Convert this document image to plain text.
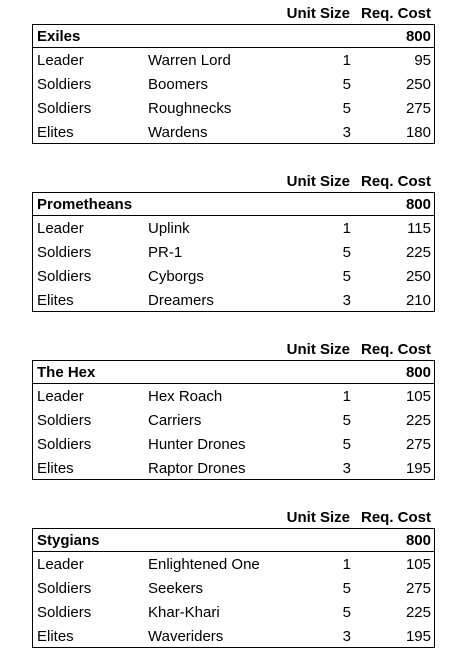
Unit Size Req. Cost
Exiles	800
Leader	Warren Lord	1	95
Soldiers	Boomers	5	250
Soldiers	Roughnecks	5	275
Elites	Wardens	3	180
Unit Size Req. Cost
Prometheans	800
Leader	Uplink	1	115
Soldiers	PR-1	5	225
Soldiers	Cyborgs	5	250
Elites	Dreamers	3	210
Unit Size Req. Cost
The Hex	800
Leader	Hex Roach	1	105
Soldiers	Carriers	5	225
Soldiers	Hunter Drones	5	275
Elites	Raptor Drones	3	195
Unit Size Req. Cost
Stygians	800
Leader	Enlightened One	1	105
Soldiers	Seekers	5	275
Soldiers	Khar-Khari	5	225
Elites	Waveriders	3	195
